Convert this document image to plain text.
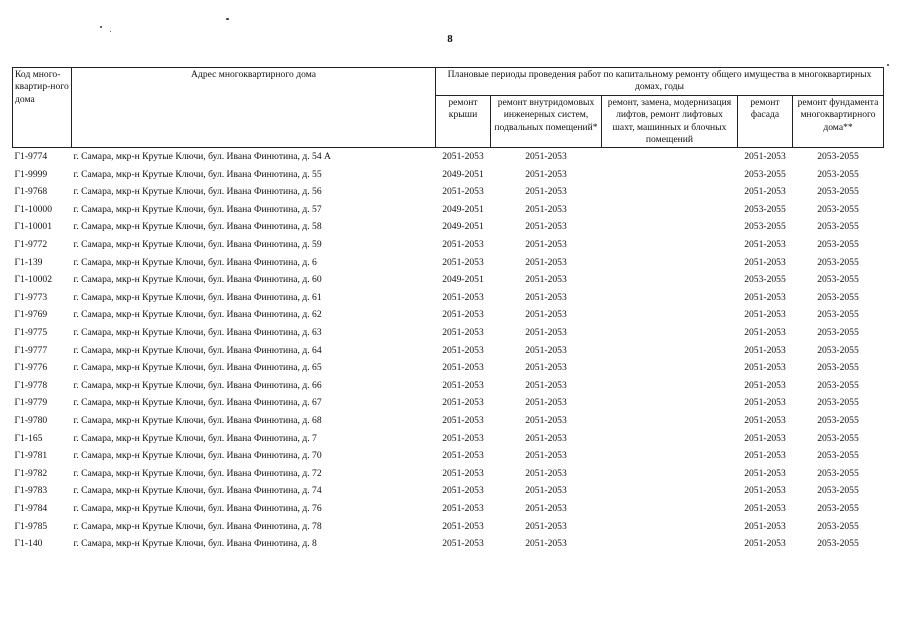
8
Код много-квартир-ного дома	Адрес многоквартирного дома	Плановые периоды проведения работ по капитальному ремонту общего имущества в многоквартирных домах, годы				
		ремонт крыши	ремонт внутридомовых инженерных систем, подвальных помещений*	ремонт, замена, модернизация лифтов, ремонт лифтовых шахт, машинных и блочных помещений	ремонт фасада	ремонт фундамента многоквартирного дома**
Г1-9774	г. Самара, мкр-н Крутые Ключи, бул. Ивана Финютина, д. 54 А	2051-2053	2051-2053		2051-2053	2053-2055
Г1-9999	г. Самара, мкр-н Крутые Ключи, бул. Ивана Финютина, д. 55	2049-2051	2051-2053		2053-2055	2053-2055
Г1-9768	г. Самара, мкр-н Крутые Ключи, бул. Ивана Финютина, д. 56	2051-2053	2051-2053		2051-2053	2053-2055
Г1-10000	г. Самара, мкр-н Крутые Ключи, бул. Ивана Финютина, д. 57	2049-2051	2051-2053		2053-2055	2053-2055
Г1-10001	г. Самара, мкр-н Крутые Ключи, бул. Ивана Финютина, д. 58	2049-2051	2051-2053		2053-2055	2053-2055
Г1-9772	г. Самара, мкр-н Крутые Ключи, бул. Ивана Финютина, д. 59	2051-2053	2051-2053		2051-2053	2053-2055
Г1-139	г. Самара, мкр-н Крутые Ключи, бул. Ивана Финютина, д. 6	2051-2053	2051-2053		2051-2053	2053-2055
Г1-10002	г. Самара, мкр-н Крутые Ключи, бул. Ивана Финютина, д. 60	2049-2051	2051-2053		2053-2055	2053-2055
Г1-9773	г. Самара, мкр-н Крутые Ключи, бул. Ивана Финютина, д. 61	2051-2053	2051-2053		2051-2053	2053-2055
Г1-9769	г. Самара, мкр-н Крутые Ключи, бул. Ивана Финютина, д. 62	2051-2053	2051-2053		2051-2053	2053-2055
Г1-9775	г. Самара, мкр-н Крутые Ключи, бул. Ивана Финютина, д. 63	2051-2053	2051-2053		2051-2053	2053-2055
Г1-9777	г. Самара, мкр-н Крутые Ключи, бул. Ивана Финютина, д. 64	2051-2053	2051-2053		2051-2053	2053-2055
Г1-9776	г. Самара, мкр-н Крутые Ключи, бул. Ивана Финютина, д. 65	2051-2053	2051-2053		2051-2053	2053-2055
Г1-9778	г. Самара, мкр-н Крутые Ключи, бул. Ивана Финютина, д. 66	2051-2053	2051-2053		2051-2053	2053-2055
Г1-9779	г. Самара, мкр-н Крутые Ключи, бул. Ивана Финютина, д. 67	2051-2053	2051-2053		2051-2053	2053-2055
Г1-9780	г. Самара, мкр-н Крутые Ключи, бул. Ивана Финютина, д. 68	2051-2053	2051-2053		2051-2053	2053-2055
Г1-165	г. Самара, мкр-н Крутые Ключи, бул. Ивана Финютина, д. 7	2051-2053	2051-2053		2051-2053	2053-2055
Г1-9781	г. Самара, мкр-н Крутые Ключи, бул. Ивана Финютина, д. 70	2051-2053	2051-2053		2051-2053	2053-2055
Г1-9782	г. Самара, мкр-н Крутые Ключи, бул. Ивана Финютина, д. 72	2051-2053	2051-2053		2051-2053	2053-2055
Г1-9783	г. Самара, мкр-н Крутые Ключи, бул. Ивана Финютина, д. 74	2051-2053	2051-2053		2051-2053	2053-2055
Г1-9784	г. Самара, мкр-н Крутые Ключи, бул. Ивана Финютина, д. 76	2051-2053	2051-2053		2051-2053	2053-2055
Г1-9785	г. Самара, мкр-н Крутые Ключи, бул. Ивана Финютина, д. 78	2051-2053	2051-2053		2051-2053	2053-2055
Г1-140	г. Самара, мкр-н Крутые Ключи, бул. Ивана Финютина, д. 8	2051-2053	2051-2053		2051-2053	2053-2055
